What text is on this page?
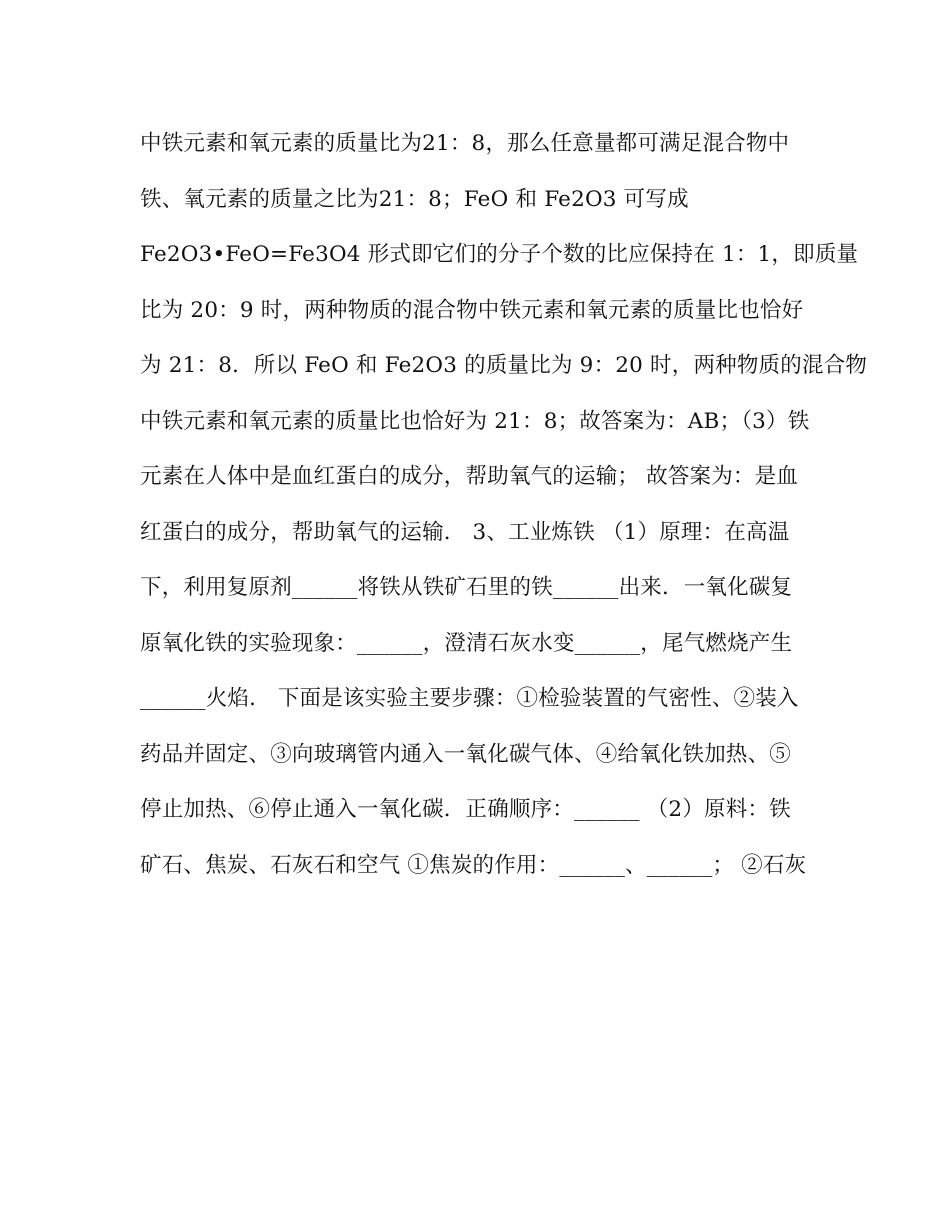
中铁元素和氧元素的质量比为21：8，那么任意量都可满足混合物中
铁、氧元素的质量之比为21：8；FeO 和 Fe2O3 可写成
Fe2O3•FeO=Fe3O4 形式即它们的分子个数的比应保持在 1：1，即质量
比为 20：9 时，两种物质的混合物中铁元素和氧元素的质量比也恰好
为 21：8．所以 FeO 和 Fe2O3 的质量比为 9：20 时，两种物质的混合物
中铁元素和氧元素的质量比也恰好为 21：8；故答案为：AB；（3）铁
元素在人体中是血红蛋白的成分，帮助氧气的运输； 故答案为：是血
红蛋白的成分，帮助氧气的运输． 3、工业炼铁 （1）原理：在高温
下，利用复原剂______将铁从铁矿石里的铁______出来．一氧化碳复
原氧化铁的实验现象：______，澄清石灰水变______，尾气燃烧产生
______火焰． 下面是该实验主要步骤：①检验装置的气密性、②装入
药品并固定、③向玻璃管内通入一氧化碳气体、④给氧化铁加热、⑤
停止加热、⑥停止通入一氧化碳．正确顺序：______ （2）原料：铁
矿石、焦炭、石灰石和空气 ①焦炭的作用：______、______； ②石灰
